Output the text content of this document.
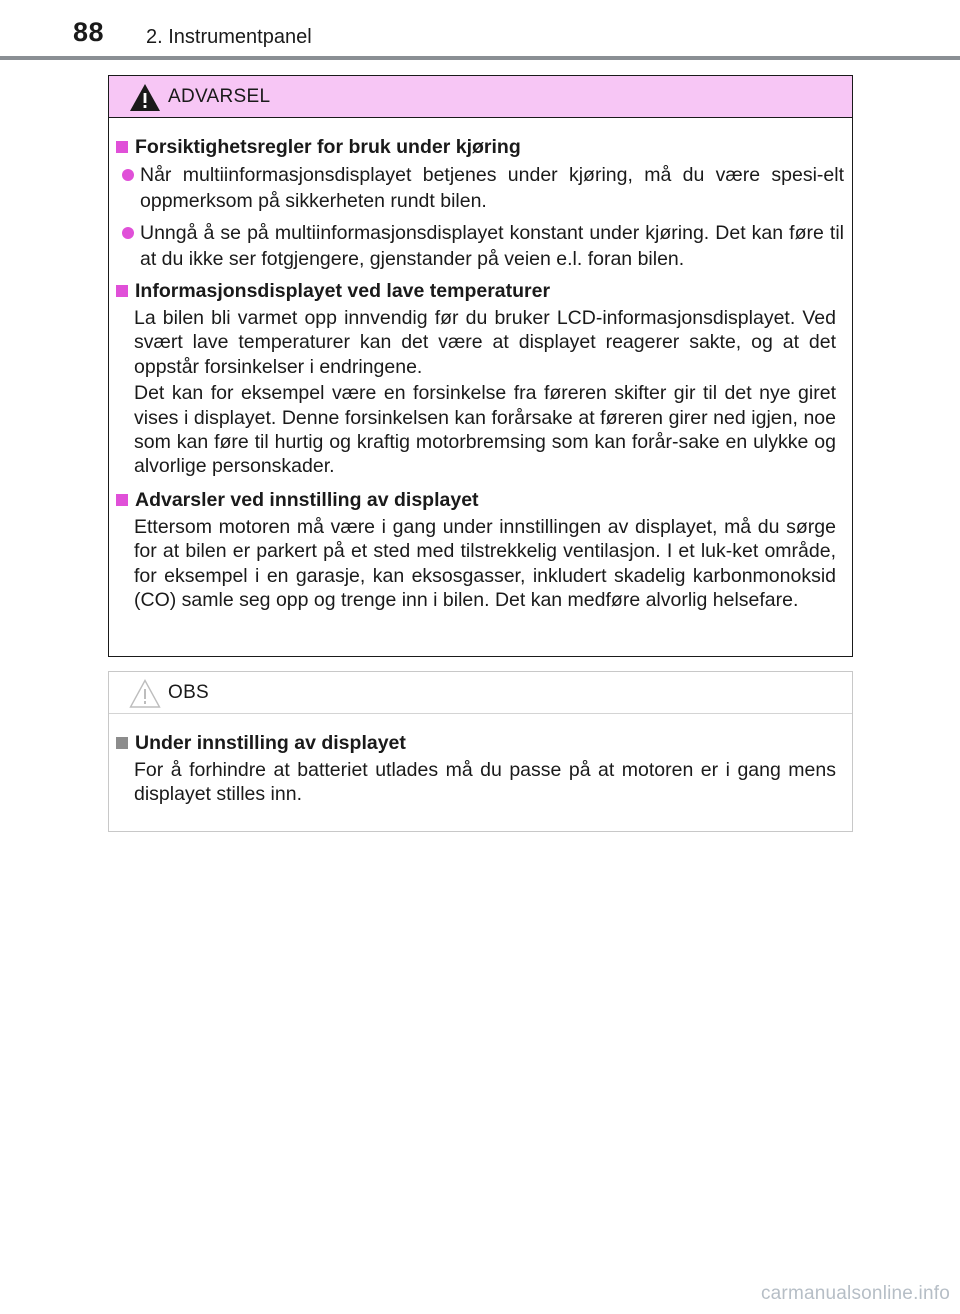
88 2. Instrumentpanel
ADVARSEL
Forsiktighetsregler for bruk under kjøring
Når multiinformasjonsdisplayet betjenes under kjøring, må du være spesi-elt oppmerksom på sikkerheten rundt bilen.
Unngå å se på multiinformasjonsdisplayet konstant under kjøring. Det kan føre til at du ikke ser fotgjengere, gjenstander på veien e.l. foran bilen.
Informasjonsdisplayet ved lave temperaturer
La bilen bli varmet opp innvendig før du bruker LCD-informasjonsdisplayet. Ved svært lave temperaturer kan det være at displayet reagerer sakte, og at det oppstår forsinkelser i endringene.
Det kan for eksempel være en forsinkelse fra føreren skifter gir til det nye giret vises i displayet. Denne forsinkelsen kan forårsake at føreren girer ned igjen, noe som kan føre til hurtig og kraftig motorbremsing som kan forår-sake en ulykke og alvorlige personskader.
Advarsler ved innstilling av displayet
Ettersom motoren må være i gang under innstillingen av displayet, må du sørge for at bilen er parkert på et sted med tilstrekkelig ventilasjon. I et luk-ket område, for eksempel i en garasje, kan eksosgasser, inkludert skadelig karbonmonoksid (CO) samle seg opp og trenge inn i bilen. Det kan medføre alvorlig helsefare.
OBS
Under innstilling av displayet
For å forhindre at batteriet utlades må du passe på at motoren er i gang mens displayet stilles inn.
carmanualsonline.info
